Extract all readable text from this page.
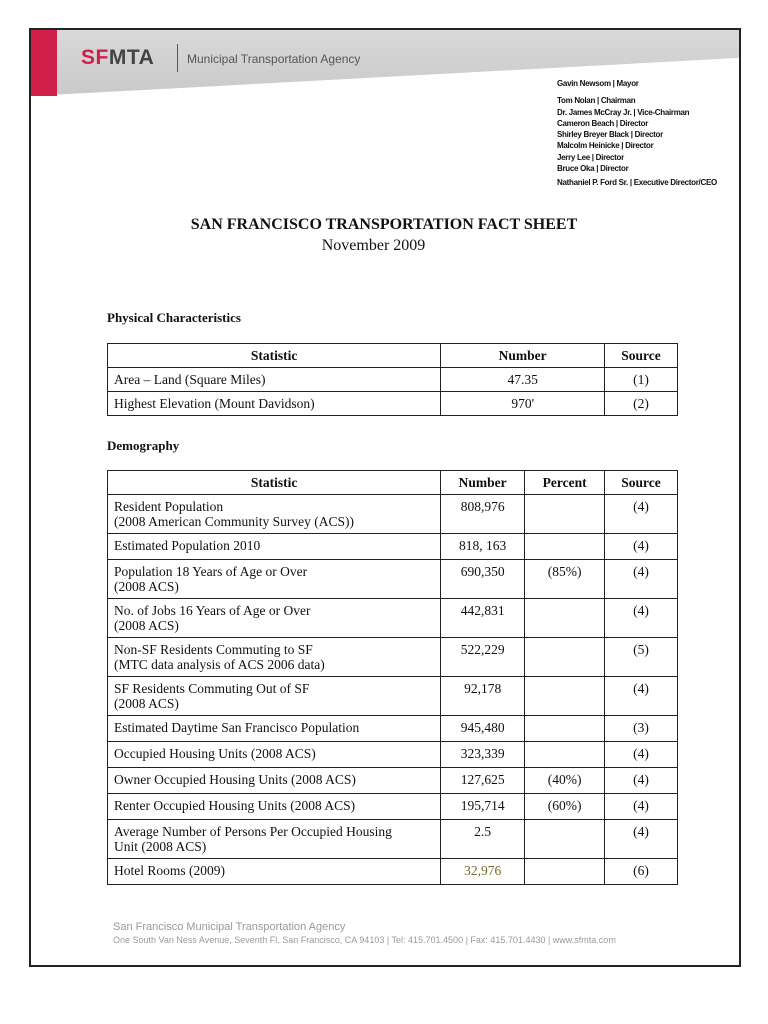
SFMTA	Municipal Transportation Agency
Gavin Newsom | Mayor
Tom Nolan | Chairman
Dr. James McCray Jr. | Vice-Chairman
Cameron Beach | Director
Shirley Breyer Black | Director
Malcolm Heinicke | Director
Jerry Lee | Director
Bruce Oka | Director
Nathaniel P. Ford Sr. | Executive Director/CEO
SAN FRANCISCO TRANSPORTATION FACT SHEET
November 2009
Physical Characteristics
Statistic	Number	Source
Area – Land (Square Miles)	47.35	(1)
Highest Elevation (Mount Davidson)	970'	(2)
Demography
Statistic	Number	Percent	Source

Resident Population
(2008 American Community Survey (ACS))	808,976		(4)

Estimated Population 2010	818, 163		(4)

Population 18 Years of Age or Over
(2008 ACS)	690,350	(85%)	(4)

No. of Jobs 16 Years of Age or Over
(2008 ACS)	442,831		(4)

Non-SF Residents Commuting to SF
(MTC data analysis of ACS 2006 data)	522,229		(5)

SF Residents Commuting Out of SF
(2008 ACS)	92,178		(4)

Estimated Daytime San Francisco Population	945,480		(3)

Occupied Housing Units (2008 ACS)	323,339		(4)

Owner Occupied Housing Units (2008 ACS)	127,625	(40%)	(4)

Renter Occupied Housing Units (2008 ACS)	195,714	(60%)	(4)

Average Number of Persons Per Occupied Housing
Unit (2008 ACS)	2.5		(4)

Hotel Rooms (2009)	32,976		(6)
San Francisco Municipal Transportation Agency
One South Van Ness Avenue, Seventh Fl. San Francisco, CA 94103 | Tel: 415.701.4500 | Fax: 415.701.4430 | www.sfmta.com
